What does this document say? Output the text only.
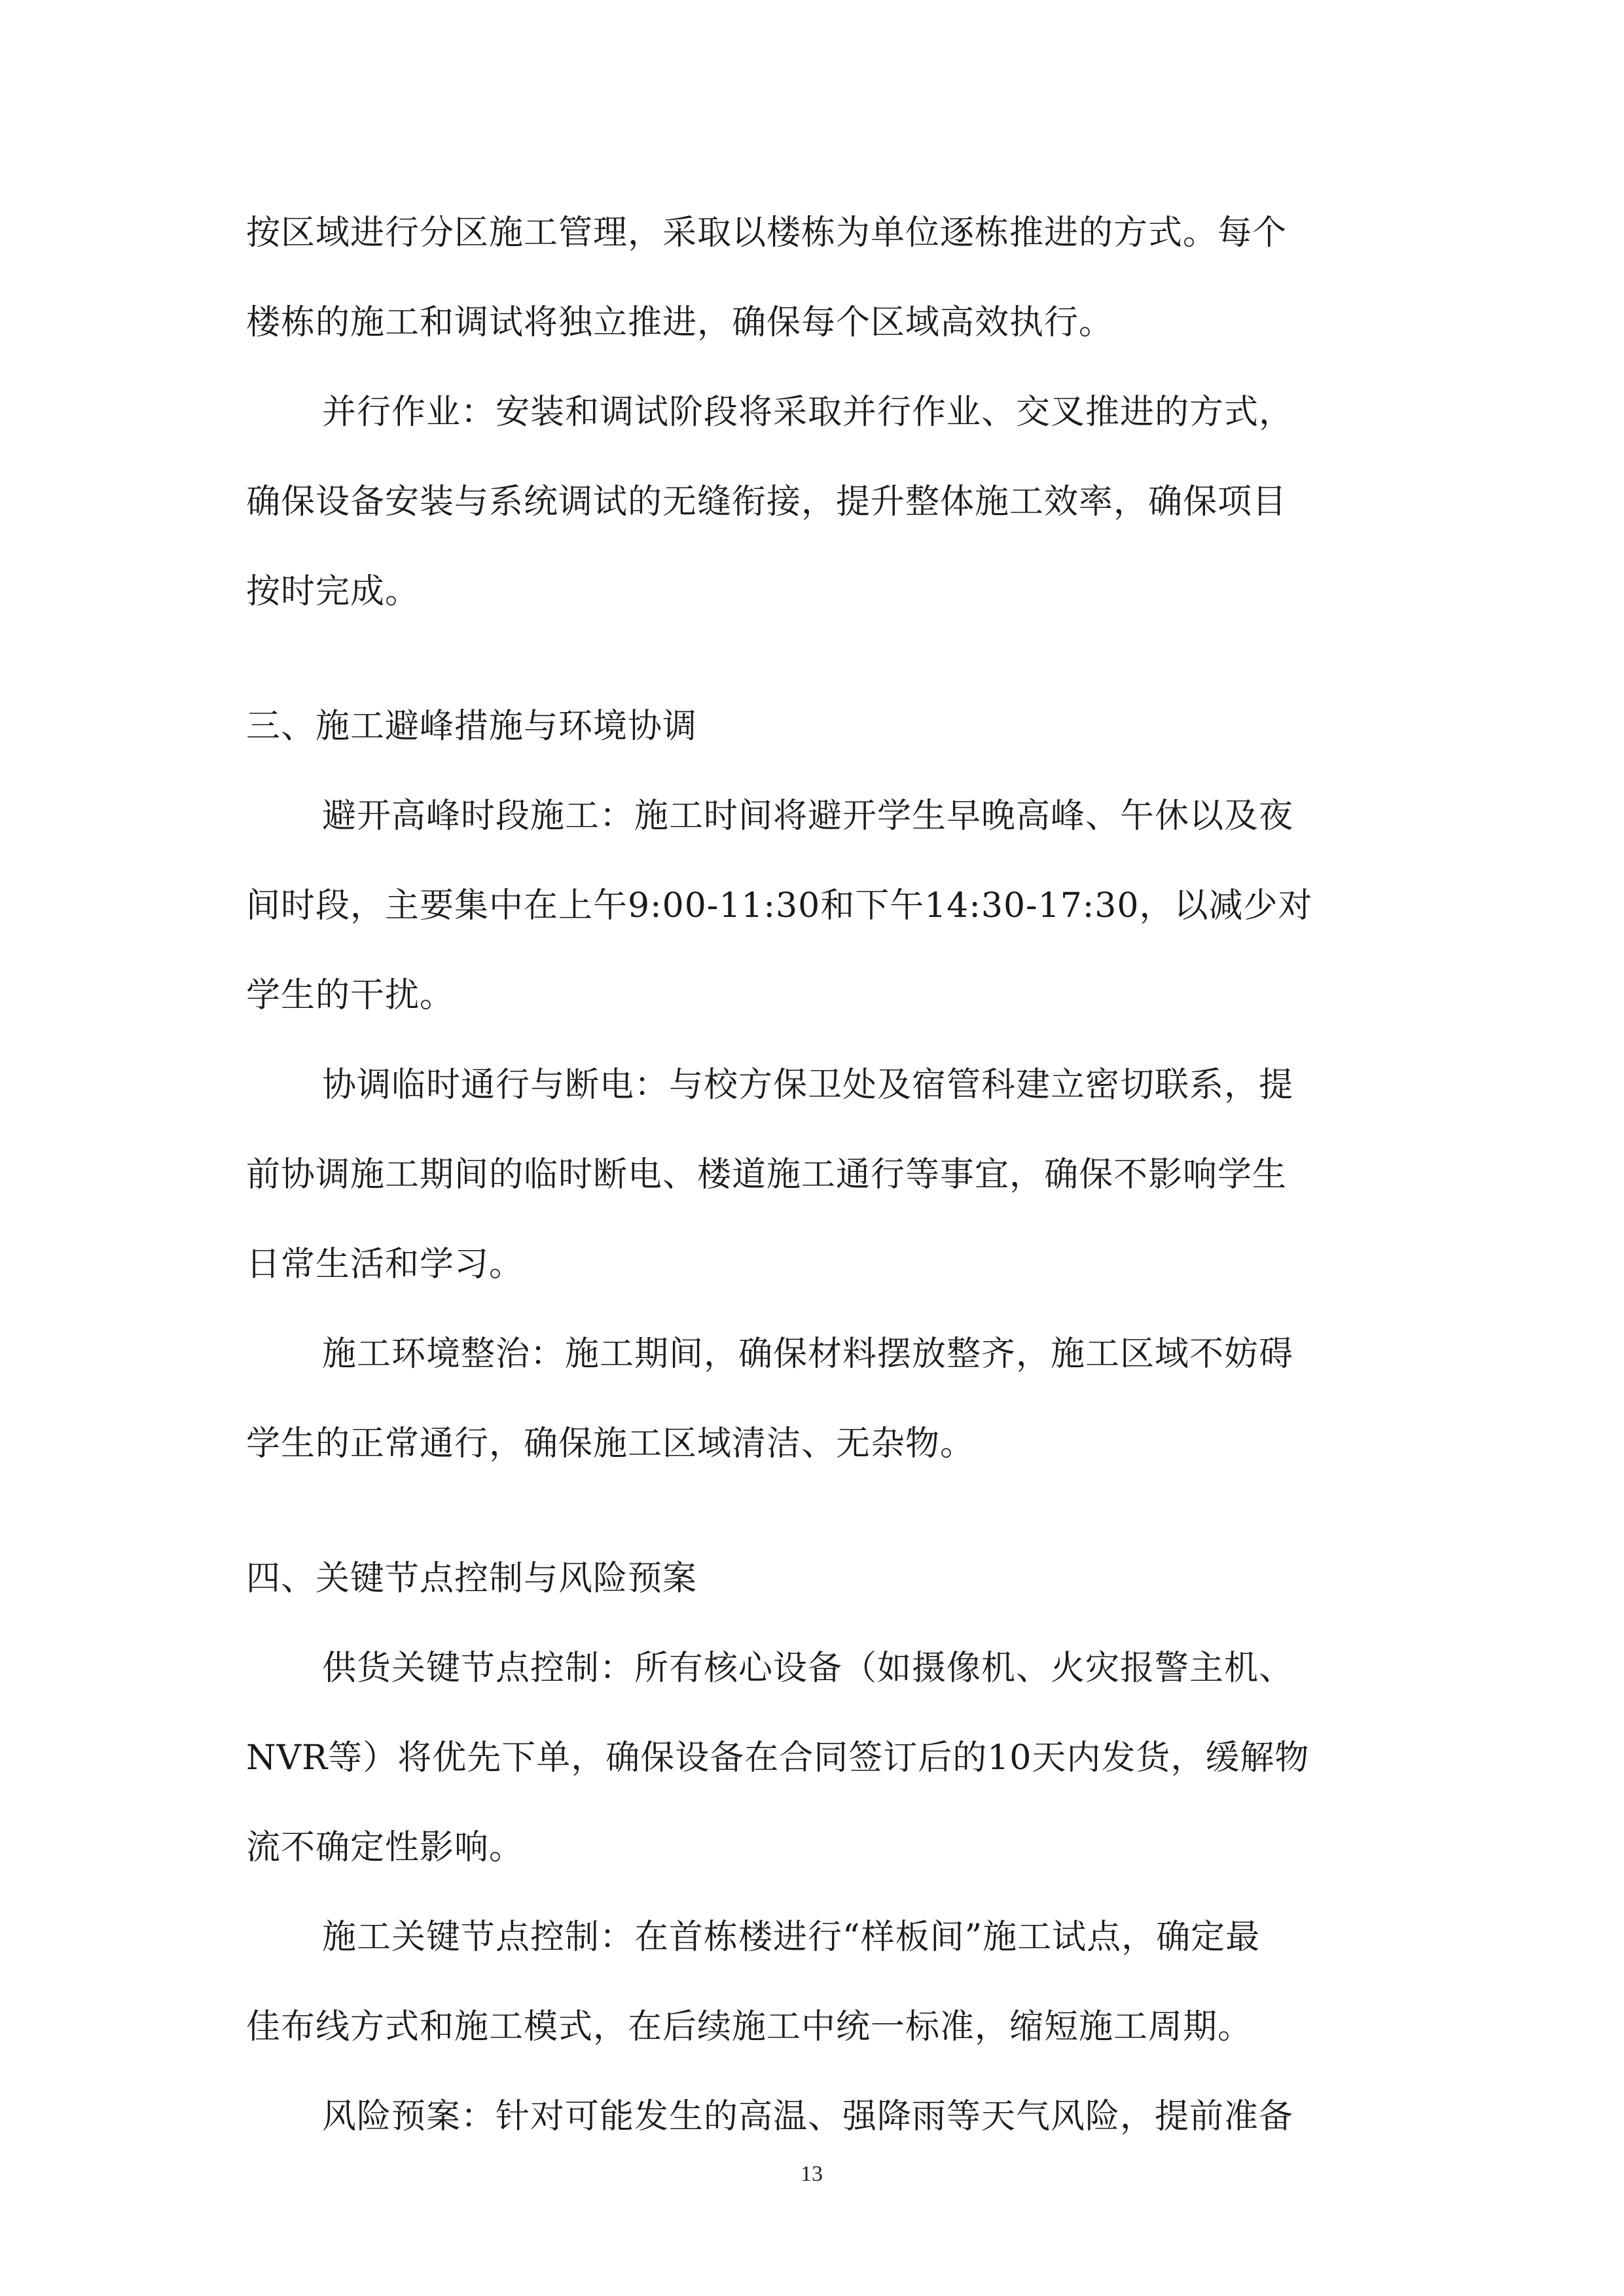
按区域进行分区施工管理，采取以楼栋为单位逐栋推进的方式。每个
楼栋的施工和调试将独立推进，确保每个区域高效执行。
并行作业：安装和调试阶段将采取并行作业、交叉推进的方式，
确保设备安装与系统调试的无缝衔接，提升整体施工效率，确保项目
按时完成。
三、施工避峰措施与环境协调
避开高峰时段施工：施工时间将避开学生早晚高峰、午休以及夜
间时段，主要集中在上午9:00-11:30和下午14:30-17:30，以减少对
学生的干扰。
协调临时通行与断电：与校方保卫处及宿管科建立密切联系，提
前协调施工期间的临时断电、楼道施工通行等事宜，确保不影响学生
日常生活和学习。
施工环境整治：施工期间，确保材料摆放整齐，施工区域不妨碍
学生的正常通行，确保施工区域清洁、无杂物。
四、关键节点控制与风险预案
供货关键节点控制：所有核心设备（如摄像机、火灾报警主机、
NVR等）将优先下单，确保设备在合同签订后的10天内发货，缓解物
流不确定性影响。
施工关键节点控制：在首栋楼进行“样板间”施工试点，确定最
佳布线方式和施工模式，在后续施工中统一标准，缩短施工周期。
风险预案：针对可能发生的高温、强降雨等天气风险，提前准备
13
